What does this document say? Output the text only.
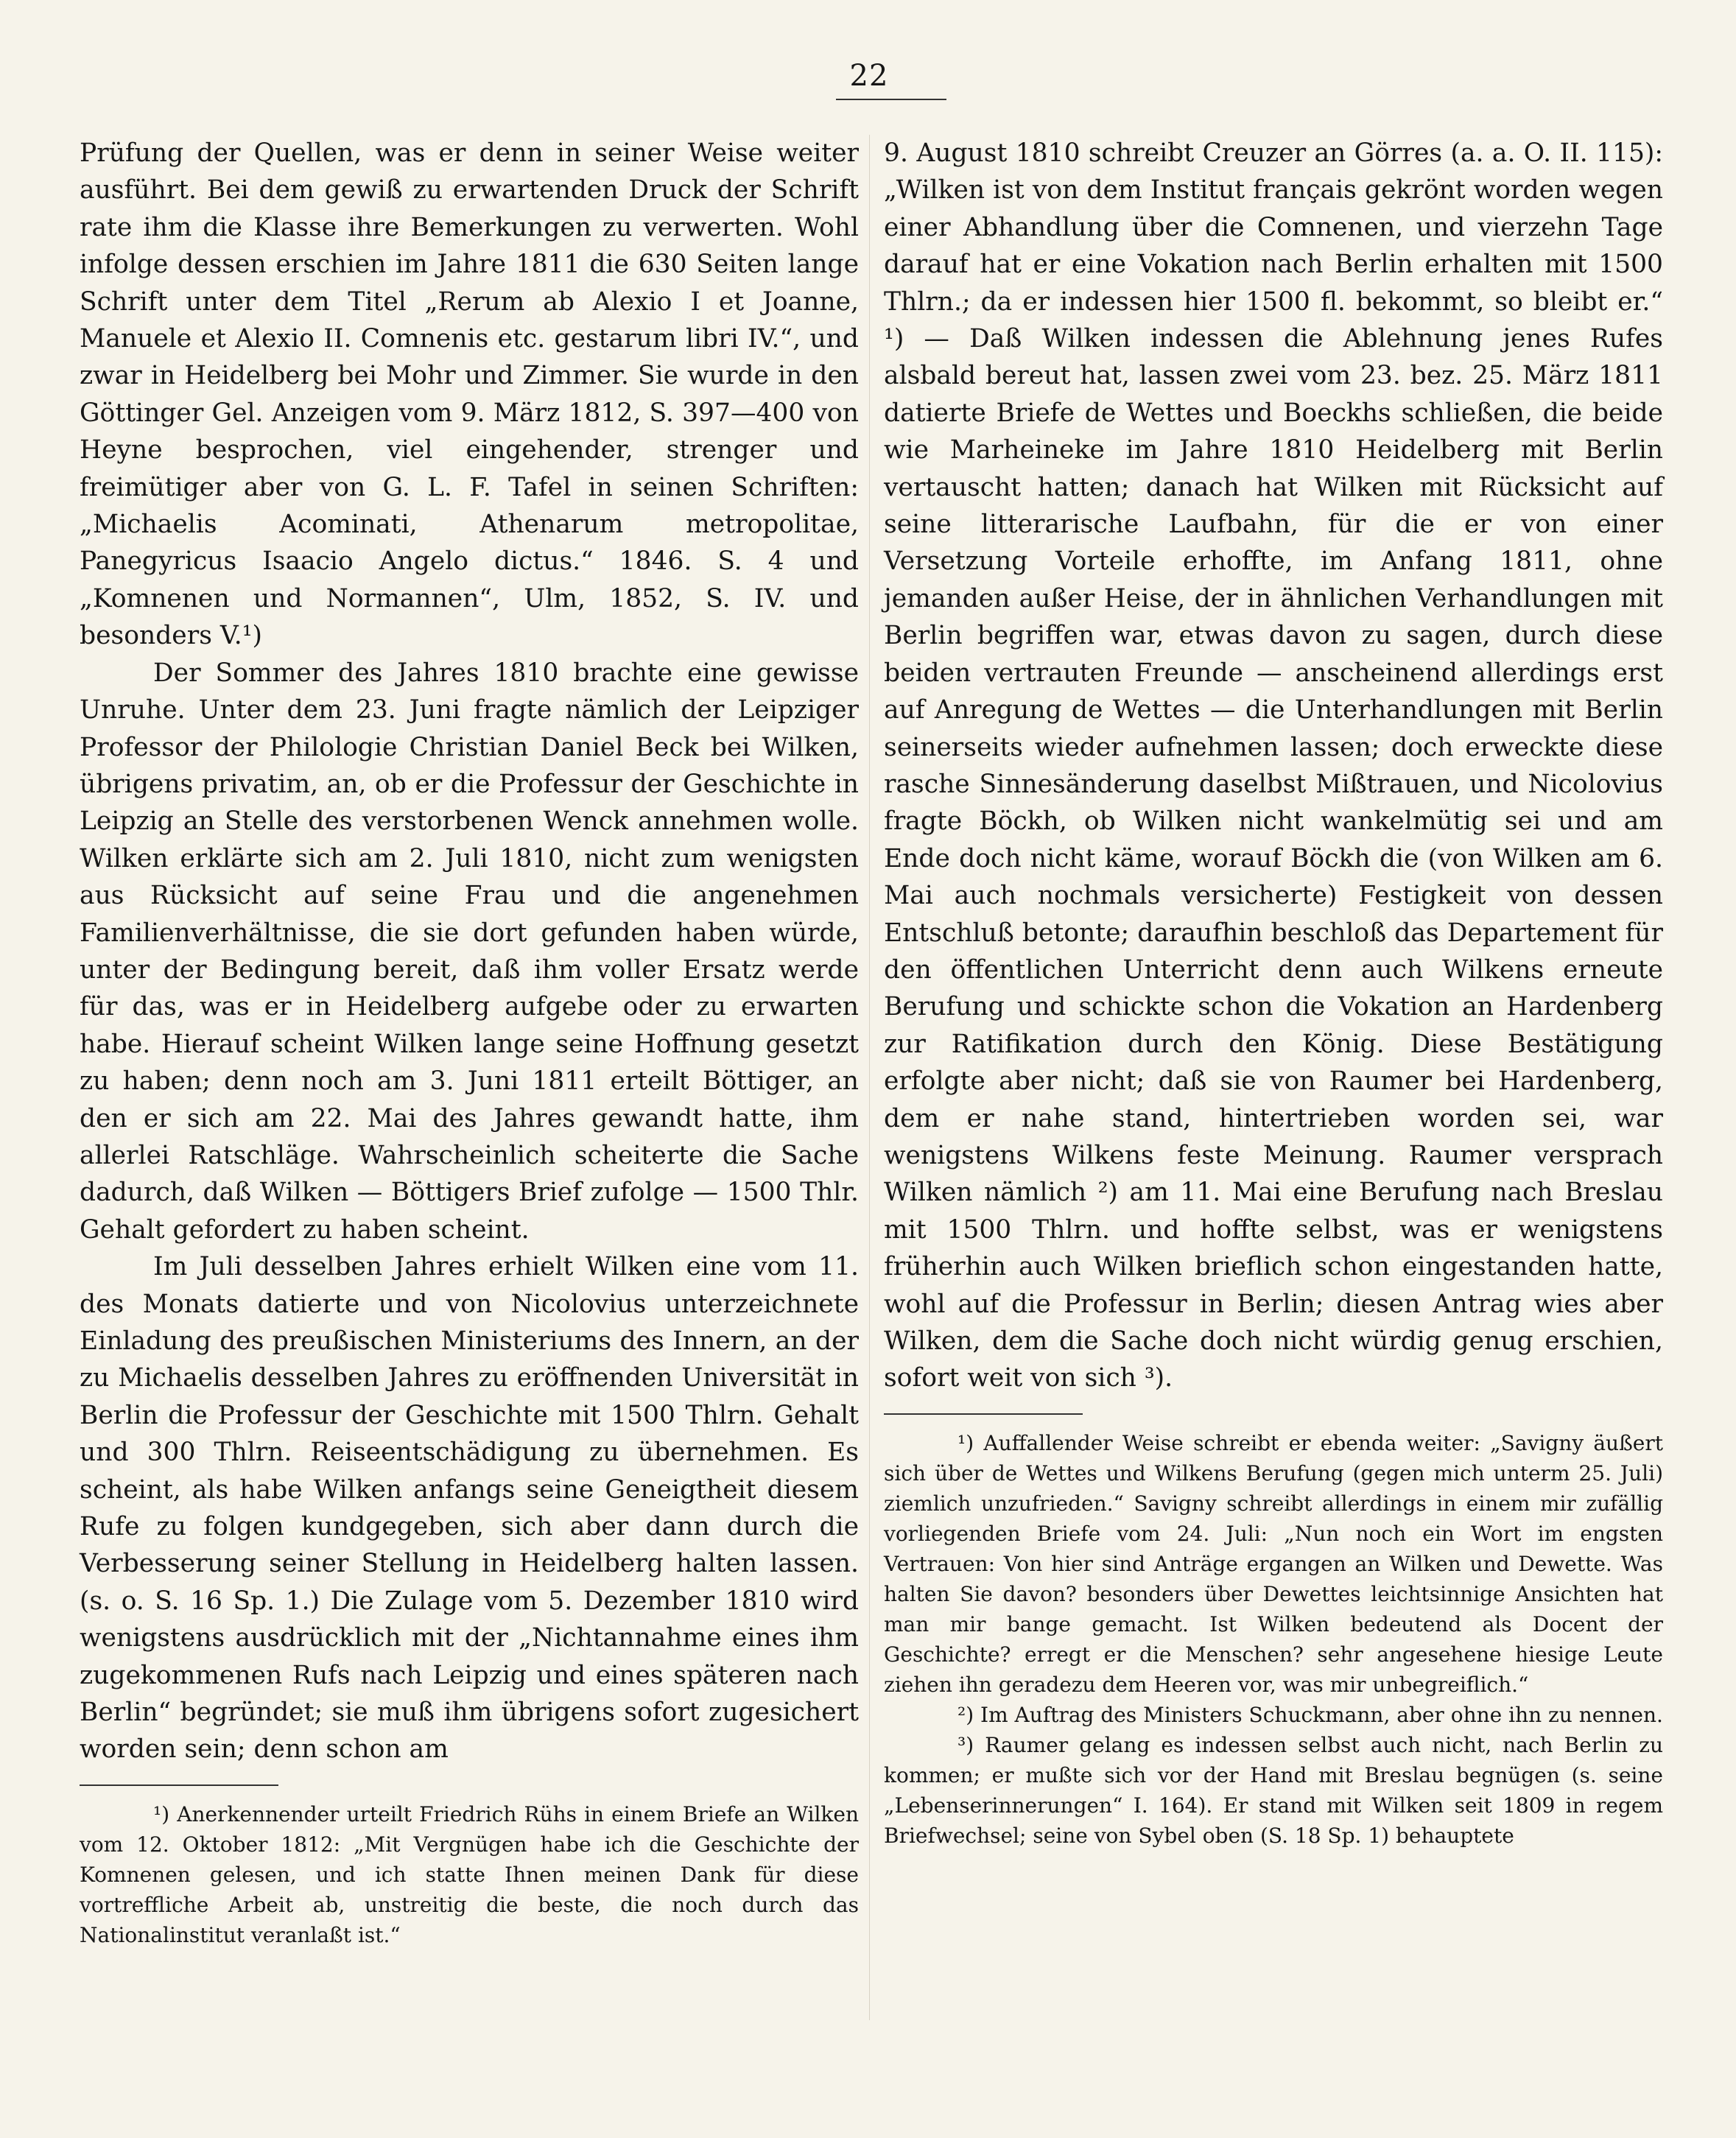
22

Prüfung der Quellen, was er denn in seiner Weise weiter ausführt. Bei dem gewiß zu erwartenden Druck der Schrift rate ihm die Klasse ihre Bemerkungen zu verwerten. Wohl infolge dessen erschien im Jahre 1811 die 630 Seiten lange Schrift unter dem Titel „Rerum ab Alexio I et Joanne, Manuele et Alexio II. Comnenis etc. gestarum libri IV.“, und zwar in Heidelberg bei Mohr und Zimmer. Sie wurde in den Göttinger Gel. Anzeigen vom 9. März 1812, S. 397—400 von Heyne besprochen, viel eingehender, strenger und freimütiger aber von G. L. F. Tafel in seinen Schriften: „Michaelis Acominati, Athenarum metropolitae, Panegyricus Isaacio Angelo dictus.“ 1846. S. 4 und „Komnenen und Normannen“, Ulm, 1852, S. IV. und besonders V.¹)

Der Sommer des Jahres 1810 brachte eine gewisse Unruhe. Unter dem 23. Juni fragte nämlich der Leipziger Professor der Philologie Christian Daniel Beck bei Wilken, übrigens privatim, an, ob er die Professur der Geschichte in Leipzig an Stelle des verstorbenen Wenck annehmen wolle. Wilken erklärte sich am 2. Juli 1810, nicht zum wenigsten aus Rücksicht auf seine Frau und die angenehmen Familienverhältnisse, die sie dort gefunden haben würde, unter der Bedingung bereit, daß ihm voller Ersatz werde für das, was er in Heidelberg aufgebe oder zu erwarten habe. Hierauf scheint Wilken lange seine Hoffnung gesetzt zu haben; denn noch am 3. Juni 1811 erteilt Böttiger, an den er sich am 22. Mai des Jahres gewandt hatte, ihm allerlei Ratschläge. Wahrscheinlich scheiterte die Sache dadurch, daß Wilken — Böttigers Brief zufolge — 1500 Thlr. Gehalt gefordert zu haben scheint.

Im Juli desselben Jahres erhielt Wilken eine vom 11. des Monats datierte und von Nicolovius unterzeichnete Einladung des preußischen Ministeriums des Innern, an der zu Michaelis desselben Jahres zu eröffnenden Universität in Berlin die Professur der Geschichte mit 1500 Thlrn. Gehalt und 300 Thlrn. Reiseentschädigung zu übernehmen. Es scheint, als habe Wilken anfangs seine Geneigtheit diesem Rufe zu folgen kundgegeben, sich aber dann durch die Verbesserung seiner Stellung in Heidelberg halten lassen. (s. o. S. 16 Sp. 1.) Die Zulage vom 5. Dezember 1810 wird wenigstens ausdrücklich mit der „Nichtannahme eines ihm zugekommenen Rufs nach Leipzig und eines späteren nach Berlin“ begründet; sie muß ihm übrigens sofort zugesichert worden sein; denn schon am

¹) Anerkennender urteilt Friedrich Rühs in einem Briefe an Wilken vom 12. Oktober 1812: „Mit Vergnügen habe ich die Geschichte der Komnenen gelesen, und ich statte Ihnen meinen Dank für diese vortreffliche Arbeit ab, unstreitig die beste, die noch durch das Nationalinstitut veranlaßt ist.“

9. August 1810 schreibt Creuzer an Görres (a. a. O. II. 115): „Wilken ist von dem Institut français gekrönt worden wegen einer Abhandlung über die Comnenen, und vierzehn Tage darauf hat er eine Vokation nach Berlin erhalten mit 1500 Thlrn.; da er indessen hier 1500 fl. bekommt, so bleibt er.“ ¹) — Daß Wilken indessen die Ablehnung jenes Rufes alsbald bereut hat, lassen zwei vom 23. bez. 25. März 1811 datierte Briefe de Wettes und Boeckhs schließen, die beide wie Marheineke im Jahre 1810 Heidelberg mit Berlin vertauscht hatten; danach hat Wilken mit Rücksicht auf seine litterarische Laufbahn, für die er von einer Versetzung Vorteile erhoffte, im Anfang 1811, ohne jemanden außer Heise, der in ähnlichen Verhandlungen mit Berlin begriffen war, etwas davon zu sagen, durch diese beiden vertrauten Freunde — anscheinend allerdings erst auf Anregung de Wettes — die Unterhandlungen mit Berlin seinerseits wieder aufnehmen lassen; doch erweckte diese rasche Sinnesänderung daselbst Mißtrauen, und Nicolovius fragte Böckh, ob Wilken nicht wankelmütig sei und am Ende doch nicht käme, worauf Böckh die (von Wilken am 6. Mai auch nochmals versicherte) Festigkeit von dessen Entschluß betonte; daraufhin beschloß das Departement für den öffentlichen Unterricht denn auch Wilkens erneute Berufung und schickte schon die Vokation an Hardenberg zur Ratifikation durch den König. Diese Bestätigung erfolgte aber nicht; daß sie von Raumer bei Hardenberg, dem er nahe stand, hintertrieben worden sei, war wenigstens Wilkens feste Meinung. Raumer versprach Wilken nämlich ²) am 11. Mai eine Berufung nach Breslau mit 1500 Thlrn. und hoffte selbst, was er wenigstens früherhin auch Wilken brieflich schon eingestanden hatte, wohl auf die Professur in Berlin; diesen Antrag wies aber Wilken, dem die Sache doch nicht würdig genug erschien, sofort weit von sich ³).

¹) Auffallender Weise schreibt er ebenda weiter: „Savigny äußert sich über de Wettes und Wilkens Berufung (gegen mich unterm 25. Juli) ziemlich unzufrieden.“ Savigny schreibt allerdings in einem mir zufällig vorliegenden Briefe vom 24. Juli: „Nun noch ein Wort im engsten Vertrauen: Von hier sind Anträge ergangen an Wilken und Dewette. Was halten Sie davon? besonders über Dewettes leichtsinnige Ansichten hat man mir bange gemacht. Ist Wilken bedeutend als Docent der Geschichte? erregt er die Menschen? sehr angesehene hiesige Leute ziehen ihn geradezu dem Heeren vor, was mir unbegreiflich.“

²) Im Auftrag des Ministers Schuckmann, aber ohne ihn zu nennen.

³) Raumer gelang es indessen selbst auch nicht, nach Berlin zu kommen; er mußte sich vor der Hand mit Breslau begnügen (s. seine „Lebenserinnerungen“ I. 164). Er stand mit Wilken seit 1809 in regem Briefwechsel; seine von Sybel oben (S. 18 Sp. 1) behauptete
